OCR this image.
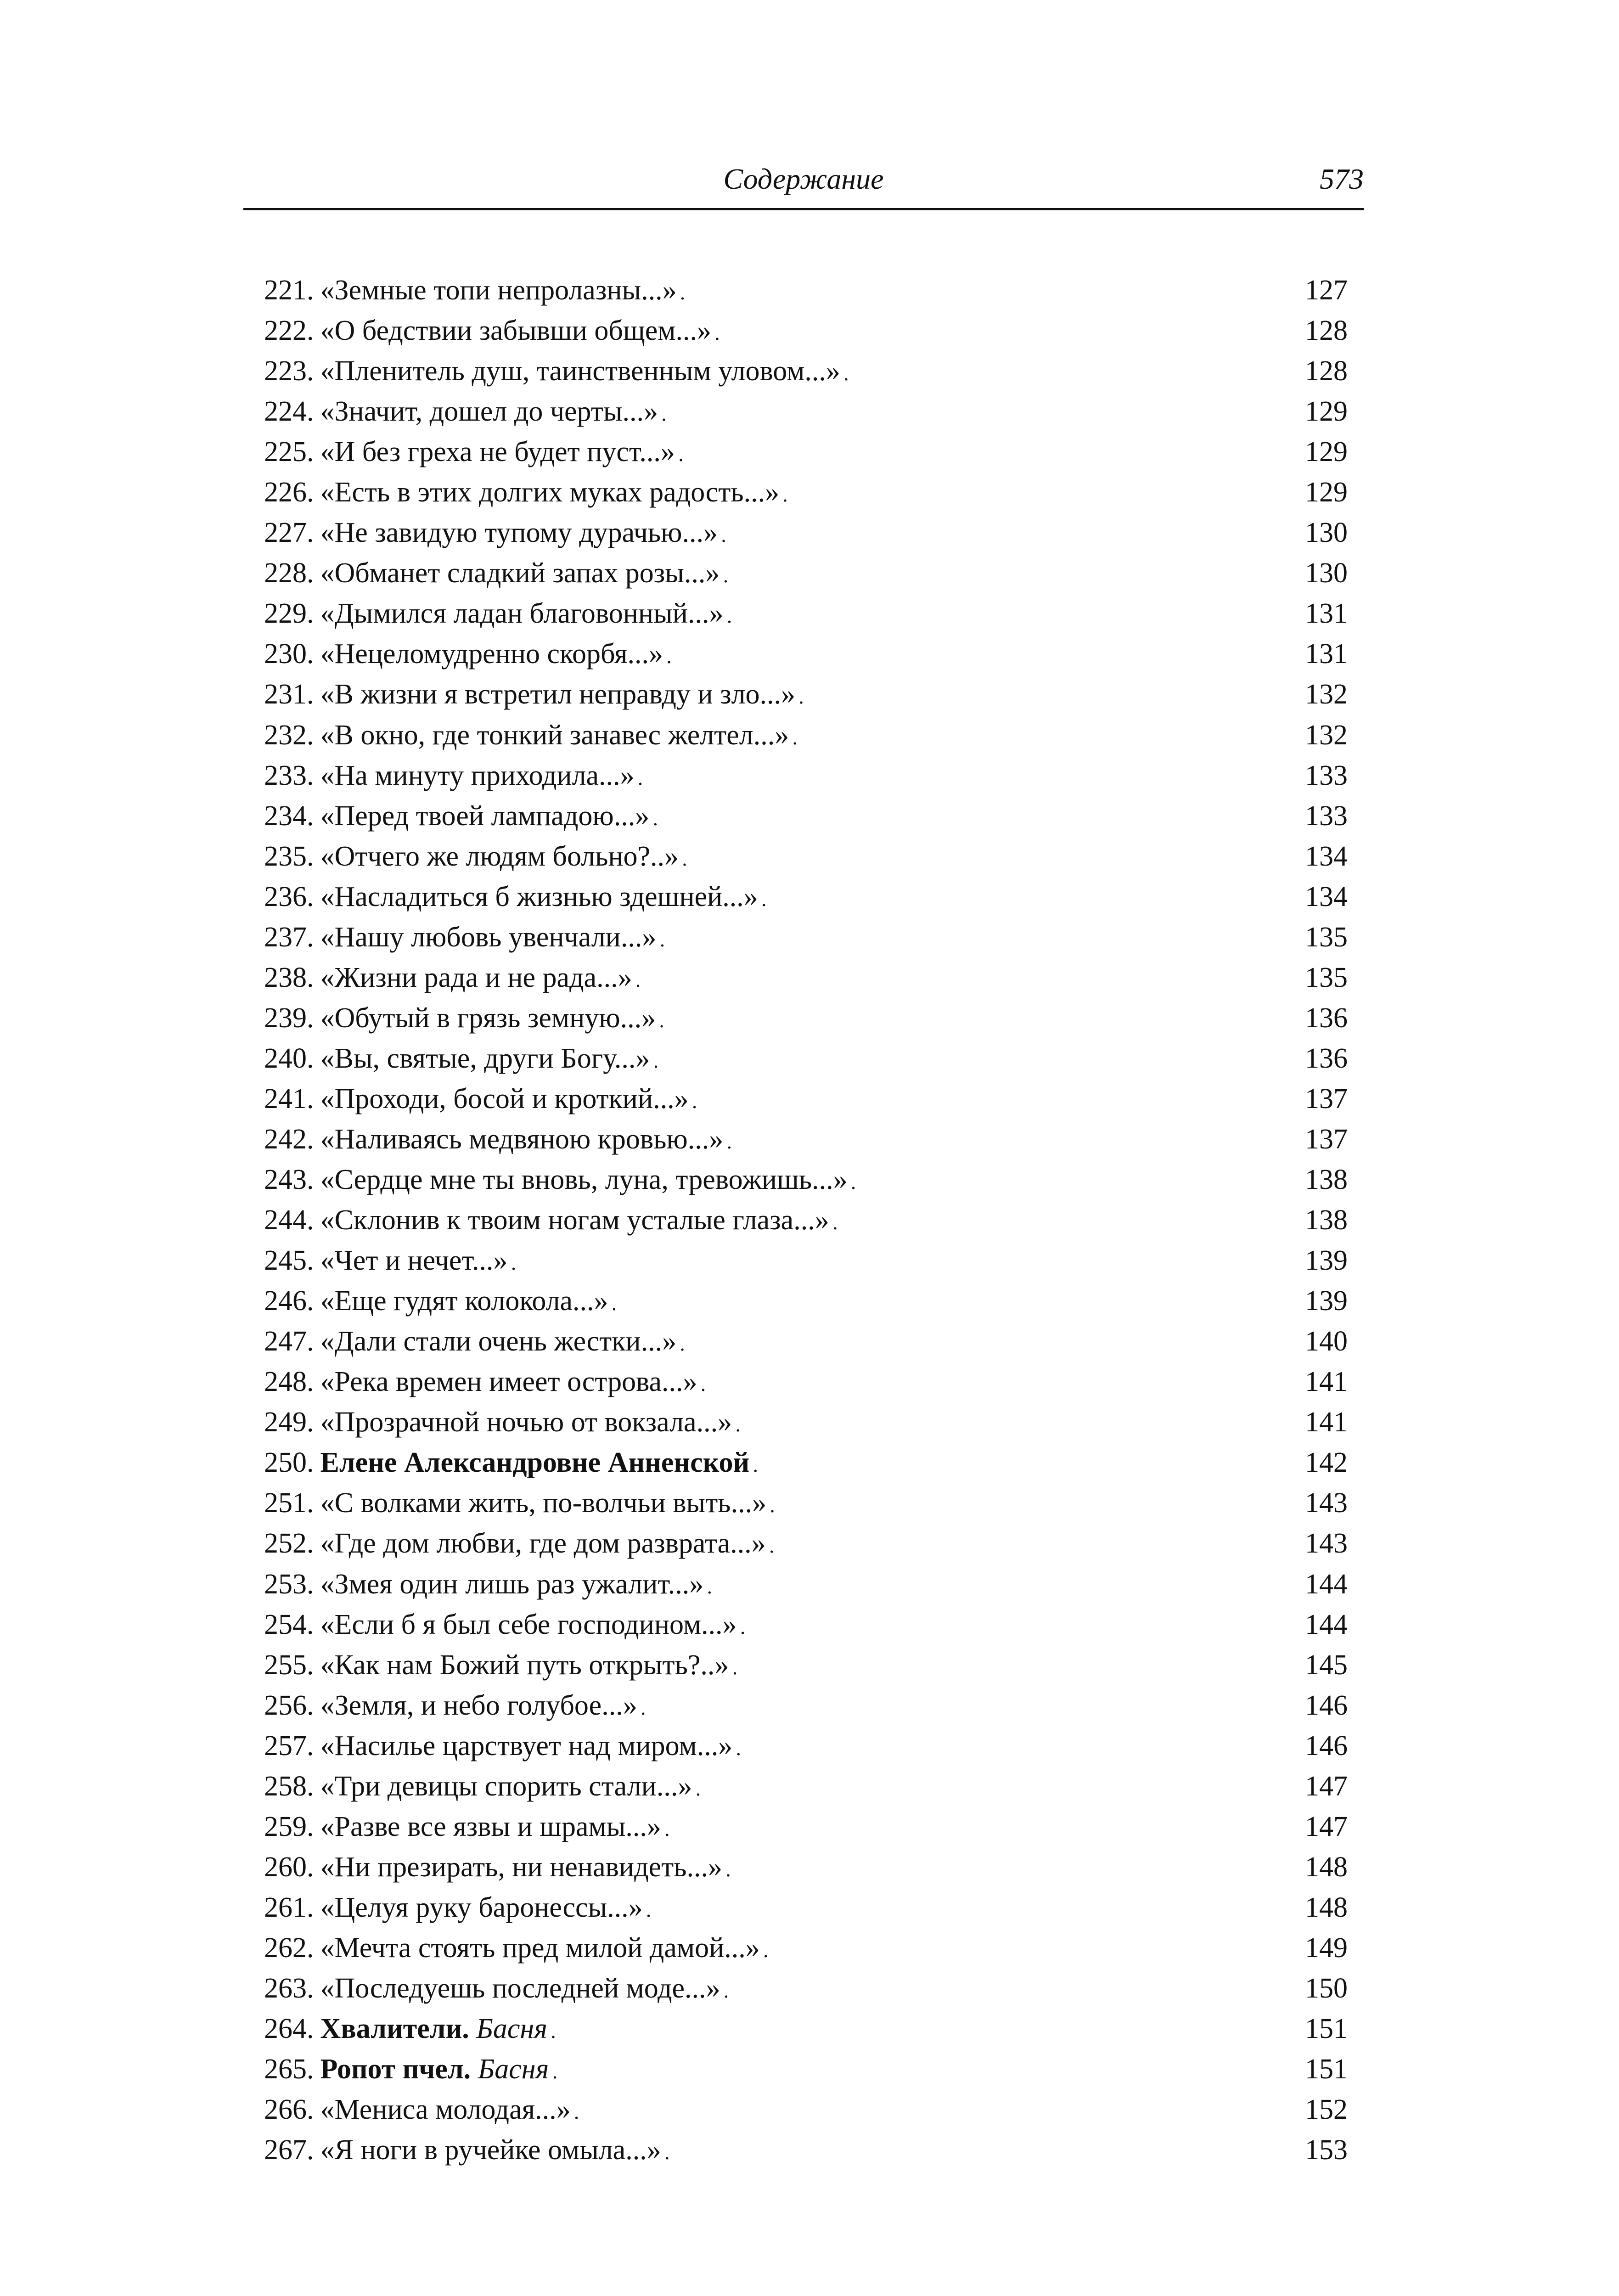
Содержание	573
221. «Земные топи непролазны...» . . .	127
222. «О бедствии забывши общем...» . . .	128
223. «Пленитель душ, таинственным уловом...» . . .	128
224. «Значит, дошел до черты...» . . .	129
225. «И без греха не будет пуст...» . . .	129
226. «Есть в этих долгих муках радость...» . . .	129
227. «Не завидую тупому дурачью...» . . .	130
228. «Обманет сладкий запах розы...» . . .	130
229. «Дымился ладан благовонный...» . . .	131
230. «Нецеломудренно скорбя...» . . .	131
231. «В жизни я встретил неправду и зло...» . . .	132
232. «В окно, где тонкий занавес желтел...» . . .	132
233. «На минуту приходила...» . . .	133
234. «Перед твоей лампадою...» . . .	133
235. «Отчего же людям больно?..» . . .	134
236. «Насладиться б жизнью здешней...» . . .	134
237. «Нашу любовь увенчали...» . . .	135
238. «Жизни рада и не рада...» . . .	135
239. «Обутый в грязь земную...» . . .	136
240. «Вы, святые, други Богу...» . . .	136
241. «Проходи, босой и кроткий...» . . .	137
242. «Наливаясь медвяною кровью...» . . .	137
243. «Сердце мне ты вновь, луна, тревожишь...» . . .	138
244. «Склонив к твоим ногам усталые глаза...» . . .	138
245. «Чет и нечет...» . . .	139
246. «Еще гудят колокола...» . . .	139
247. «Дали стали очень жестки...» . . .	140
248. «Река времен имеет острова...» . . .	141
249. «Прозрачной ночью от вокзала...» . . .	141
250. Елене Александровне Анненской . . .	142
251. «С волками жить, по-волчьи выть...» . . .	143
252. «Где дом любви, где дом разврата...» . . .	143
253. «Змея один лишь раз ужалит...» . . .	144
254. «Если б я был себе господином...» . . .	144
255. «Как нам Божий путь открыть?..» . . .	145
256. «Земля, и небо голубое...» . . .	146
257. «Насилье царствует над миром...» . . .	146
258. «Три девицы спорить стали...» . . .	147
259. «Разве все язвы и шрамы...» . . .	147
260. «Ни презирать, ни ненавидеть...» . . .	148
261. «Целуя руку баронессы...» . . .	148
262. «Мечта стоять пред милой дамой...» . . .	149
263. «Последуешь последней моде...» . . .	150
264. Хвалители. Басня . . .	151
265. Ропот пчел. Басня . . .	151
266. «Мениса молодая...» . . .	152
267. «Я ноги в ручейке омыла...» . . .	153
